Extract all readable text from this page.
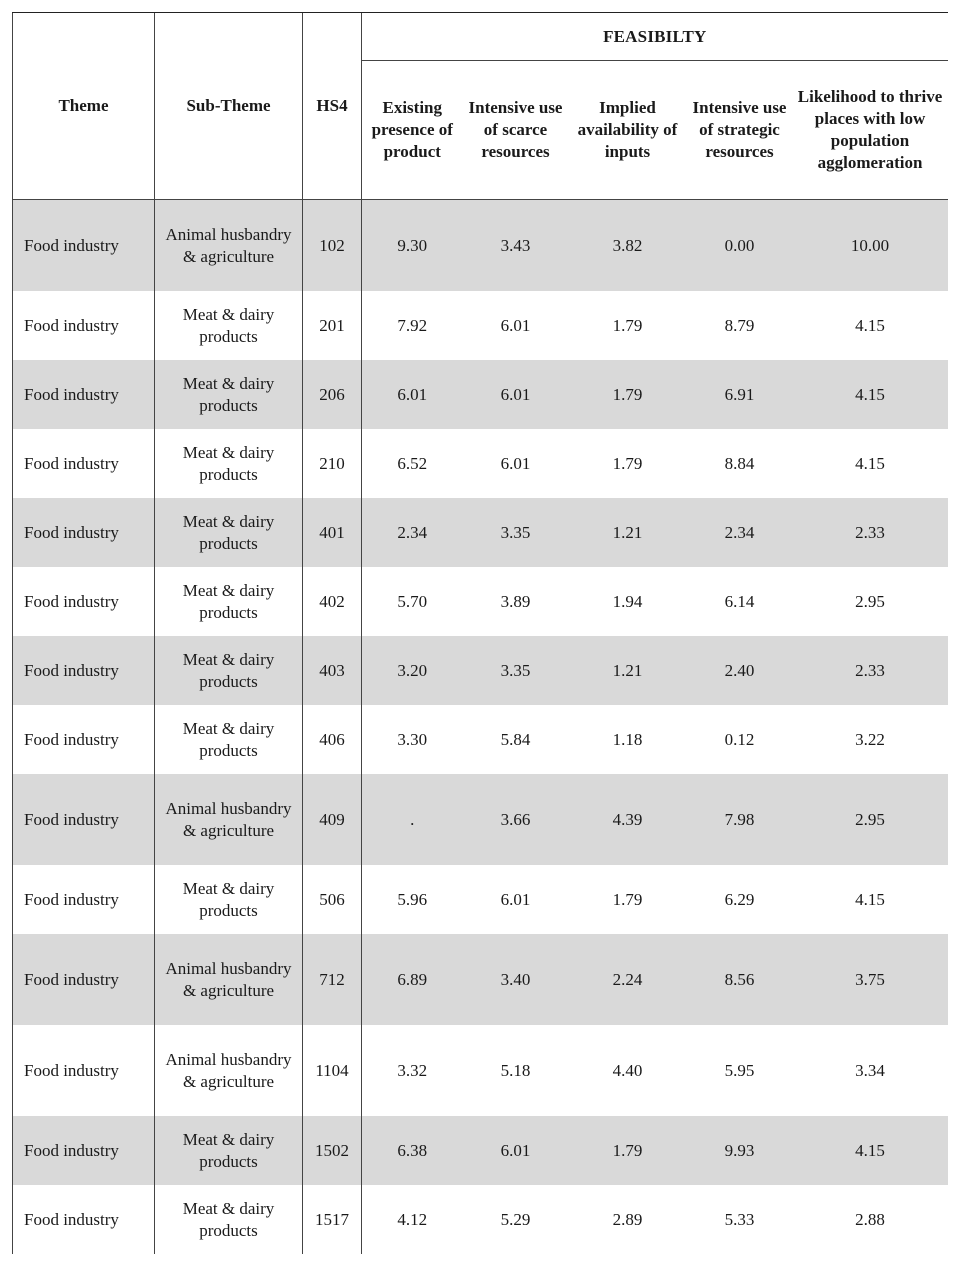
Theme	Sub-Theme	HS4	FEASIBILTY				
			Existing presence of product	Intensive use of scarce resources	Implied availability of inputs	Intensive use of strategic resources	Likelihood to thrive places with low population agglomeration
Food industry	Animal husbandry & agriculture	102	9.30	3.43	3.82	0.00	10.00
Food industry	Meat & dairy products	201	7.92	6.01	1.79	8.79	4.15
Food industry	Meat & dairy products	206	6.01	6.01	1.79	6.91	4.15
Food industry	Meat & dairy products	210	6.52	6.01	1.79	8.84	4.15
Food industry	Meat & dairy products	401	2.34	3.35	1.21	2.34	2.33
Food industry	Meat & dairy products	402	5.70	3.89	1.94	6.14	2.95
Food industry	Meat & dairy products	403	3.20	3.35	1.21	2.40	2.33
Food industry	Meat & dairy products	406	3.30	5.84	1.18	0.12	3.22
Food industry	Animal husbandry & agriculture	409	.	3.66	4.39	7.98	2.95
Food industry	Meat & dairy products	506	5.96	6.01	1.79	6.29	4.15
Food industry	Animal husbandry & agriculture	712	6.89	3.40	2.24	8.56	3.75
Food industry	Animal husbandry & agriculture	1104	3.32	5.18	4.40	5.95	3.34
Food industry	Meat & dairy products	1502	6.38	6.01	1.79	9.93	4.15
Food industry	Meat & dairy products	1517	4.12	5.29	2.89	5.33	2.88
